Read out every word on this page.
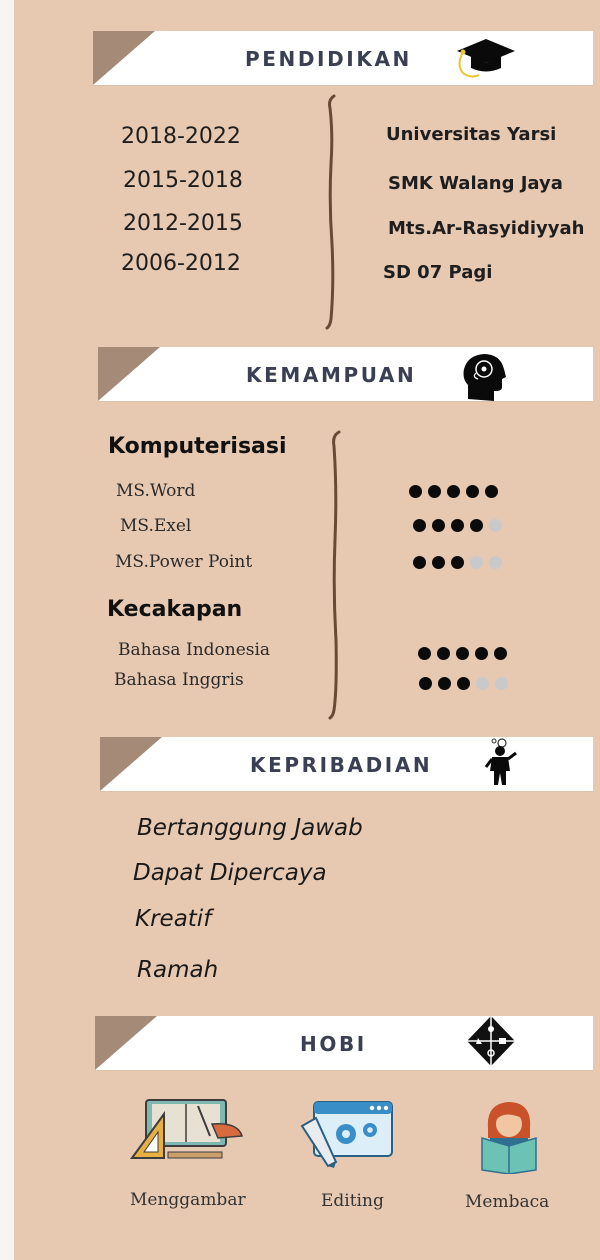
PENDIDIKAN
2018-2022
2015-2018
2012-2015
2006-2012
Universitas Yarsi
SMK Walang Jaya
Mts.Ar-Rasyidiyyah
SD 07 Pagi
KEMAMPUAN
Komputerisasi
MS.Word
MS.Exel
MS.Power Point
Kecakapan
Bahasa Indonesia
Bahasa Inggris
KEPRIBADIAN
Bertanggung Jawab
Dapat Dipercaya
Kreatif
Ramah
HOBI
Menggambar	Editing	Membaca
